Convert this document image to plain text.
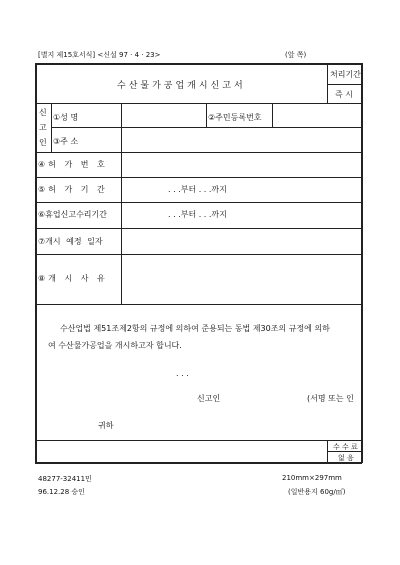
[별지 제15호서식] <신설 97 · 4 · 23>	(앞 쪽)
수산물가공업개시신고서
처리기간
즉 시
신
고
인
①성 명	②주민등록번호
③주 소
④허 가 번 호
⑤허 가 기 간	. . .부터 . . .까지
⑥휴업신고수리기간	. . .부터 . . .까지
⑦개시 예정 일자
⑧개 시 사 유
수산업법 제51조제2항의 규정에 의하여 준용되는 동법 제30조의 규정에 의하
여 수산물가공업을 개시하고자 합니다.
. . .
신고인	(서명 또는 인
귀하
수 수 료
없 음
48277-32411민
96.12.28 승인
210mm×297mm
(일반용지 60g/㎡)
